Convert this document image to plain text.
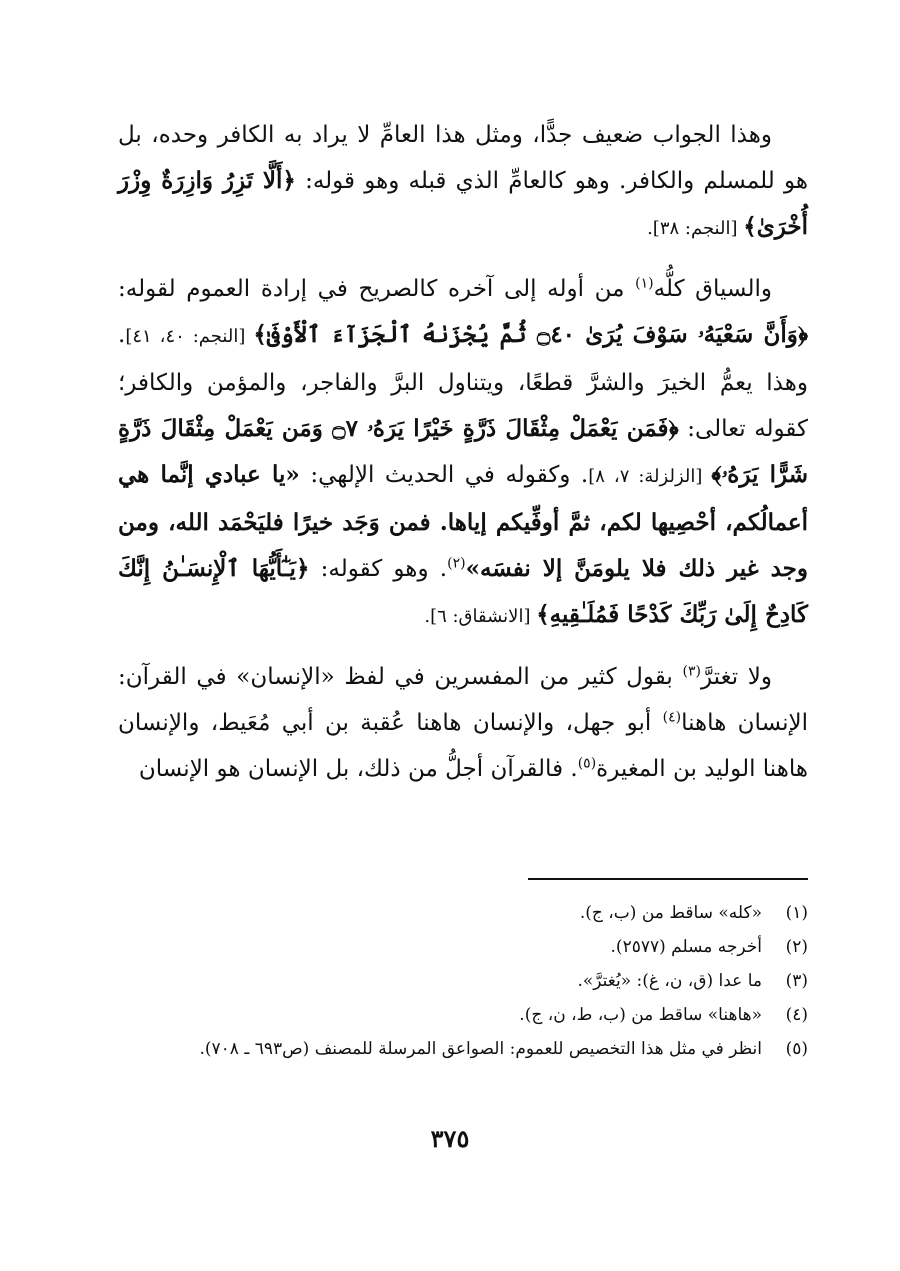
وهذا الجواب ضعيف جدًّا، ومثل هذا العامِّ لا يراد به الكافر وحده، بل هو للمسلم والكافر. وهو كالعامِّ الذي قبله وهو قوله: ﴿أَلَّا تَزِرُ وَازِرَةٌ وِزْرَ أُخْرَىٰ﴾ [النجم: ٣٨].

والسياق كلُّه$^{(١)}$ من أوله إلى آخره كالصريح في إرادة العموم لقوله: ﴿وَأَنَّ سَعْيَهُۥ سَوْفَ يُرَىٰ ۝٤٠ ثُمَّ يُجْزَىٰهُ ٱلْجَزَآءَ ٱلْأَوْفَىٰ﴾ [النجم: ٤٠، ٤١]. وهذا يعمُّ الخيرَ والشرَّ قطعًا، ويتناول البرَّ والفاجر، والمؤمن والكافر؛ كقوله تعالى: ﴿فَمَن يَعْمَلْ مِثْقَالَ ذَرَّةٍ خَيْرًا يَرَهُۥ ۝٧ وَمَن يَعْمَلْ مِثْقَالَ ذَرَّةٍ شَرًّا يَرَهُۥ﴾ [الزلزلة: ٧، ٨]. وكقوله في الحديث الإلهي: «يا عبادي إنَّما هي أعمالُكم، أحْصِيها لكم، ثمَّ أوفِّيكم إياها. فمن وَجَد خيرًا فليَحْمَد الله، ومن وجد غير ذلك فلا يلومَنَّ إلا نفسَه»$^{(٢)}$. وهو كقوله: ﴿يَـٰٓأَيُّهَا ٱلْإِنسَـٰنُ إِنَّكَ كَادِحٌ إِلَىٰ رَبِّكَ كَدْحًا فَمُلَـٰقِيهِ﴾ [الانشقاق: ٦].

ولا تغترَّ$^{(٣)}$ بقول كثير من المفسرين في لفظ «الإنسان» في القرآن: الإنسان هاهنا$^{(٤)}$ أبو جهل، والإنسان هاهنا عُقبة بن أبي مُعَيط، والإنسان هاهنا الوليد بن المغيرة$^{(٥)}$. فالقرآن أجلُّ من ذلك، بل الإنسان هو الإنسان

(١)
«كله» ساقط من (ب، ج).
(٢)
أخرجه مسلم (٢٥٧٧).
(٣)
ما عدا (ق، ن، غ): «يُغترَّ».
(٤)
«هاهنا» ساقط من (ب، ط، ن، ج).
(٥)
انظر في مثل هذا التخصيص للعموم: الصواعق المرسلة للمصنف (ص٦٩٣ ـ ٧٠٨).
٣٧٥
